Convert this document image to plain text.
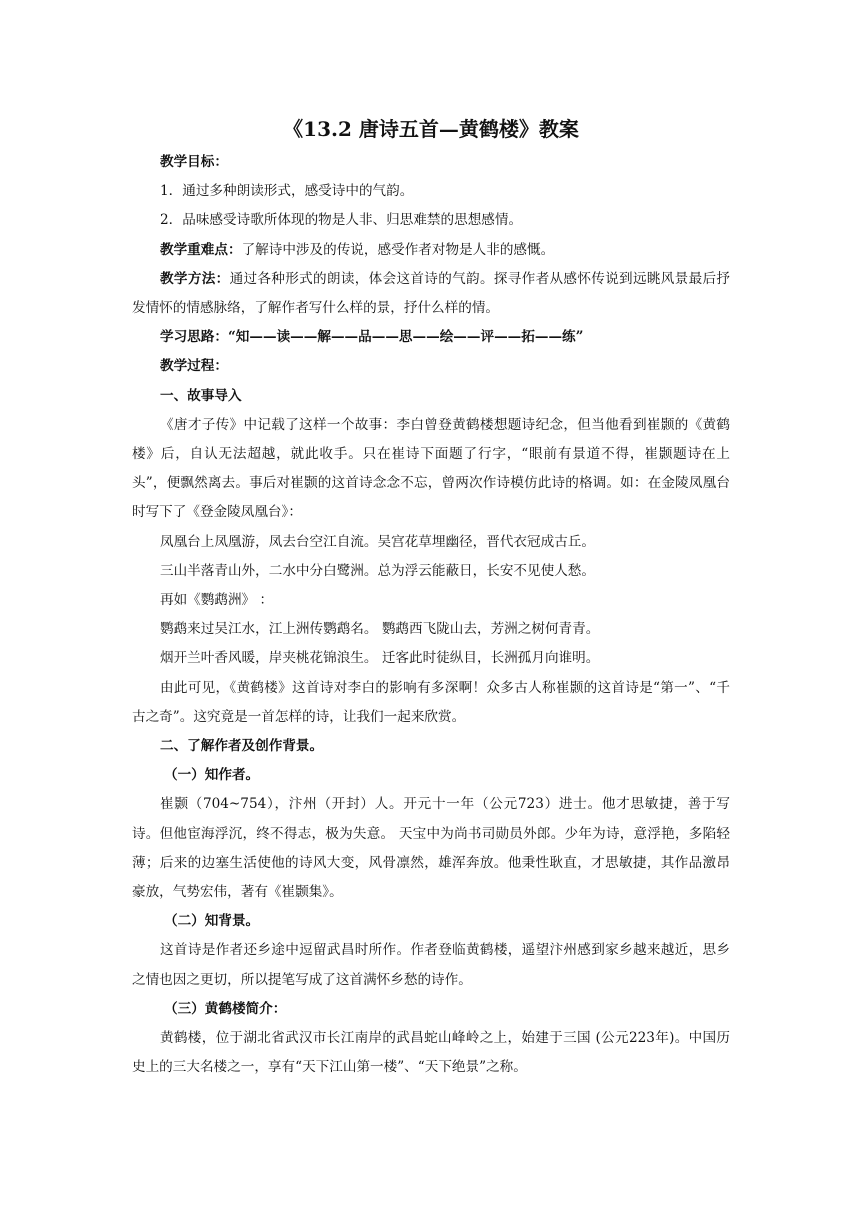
《13.2 唐诗五首—黄鹤楼》教案

教学目标：

1．通过多种朗读形式，感受诗中的气韵。

2．品味感受诗歌所体现的物是人非、归思难禁的思想感情。

教学重难点：了解诗中涉及的传说，感受作者对物是人非的感慨。

教学方法：通过各种形式的朗读，体会这首诗的气韵。探寻作者从感怀传说到远眺风景最后抒发情怀的情感脉络，了解作者写什么样的景，抒什么样的情。

学习思路：“知——读——解——品——思——绘——评——拓——练”

教学过程：

一、故事导入

《唐才子传》中记载了这样一个故事：李白曾登黄鹤楼想题诗纪念，但当他看到崔颢的《黄鹤楼》后，自认无法超越，就此收手。只在崔诗下面题了行字，“眼前有景道不得，崔颢题诗在上头”，便飘然离去。事后对崔颢的这首诗念念不忘，曾两次作诗模仿此诗的格调。如：在金陵凤凰台时写下了《登金陵凤凰台》：

凤凰台上凤凰游，凤去台空江自流。吴宫花草埋幽径，晋代衣冠成古丘。

三山半落青山外，二水中分白鹭洲。总为浮云能蔽日，长安不见使人愁。

再如《鹦鹉洲》 ：

鹦鹉来过吴江水，江上洲传鹦鹉名。 鹦鹉西飞陇山去，芳洲之树何青青。

烟开兰叶香风暖，岸夹桃花锦浪生。 迁客此时徒纵目，长洲孤月向谁明。

由此可见，《黄鹤楼》这首诗对李白的影响有多深啊！众多古人称崔颢的这首诗是“第一”、“千古之奇”。这究竟是一首怎样的诗，让我们一起来欣赏。

二、了解作者及创作背景。

（一）知作者。

崔颢（704~754），汴州（开封）人。开元十一年（公元723）进士。他才思敏捷，善于写诗。但他宦海浮沉，终不得志，极为失意。 天宝中为尚书司勋员外郎。少年为诗，意浮艳，多陷轻薄；后来的边塞生活使他的诗风大变，风骨凛然，雄浑奔放。他秉性耿直，才思敏捷，其作品激昂豪放，气势宏伟，著有《崔颢集》。

（二）知背景。

这首诗是作者还乡途中逗留武昌时所作。作者登临黄鹤楼，遥望汴州感到家乡越来越近，思乡之情也因之更切，所以提笔写成了这首满怀乡愁的诗作。

（三）黄鹤楼简介：

黄鹤楼，位于湖北省武汉市长江南岸的武昌蛇山峰岭之上，始建于三国 (公元223年)。中国历史上的三大名楼之一，享有“天下江山第一楼”、“天下绝景”之称。
